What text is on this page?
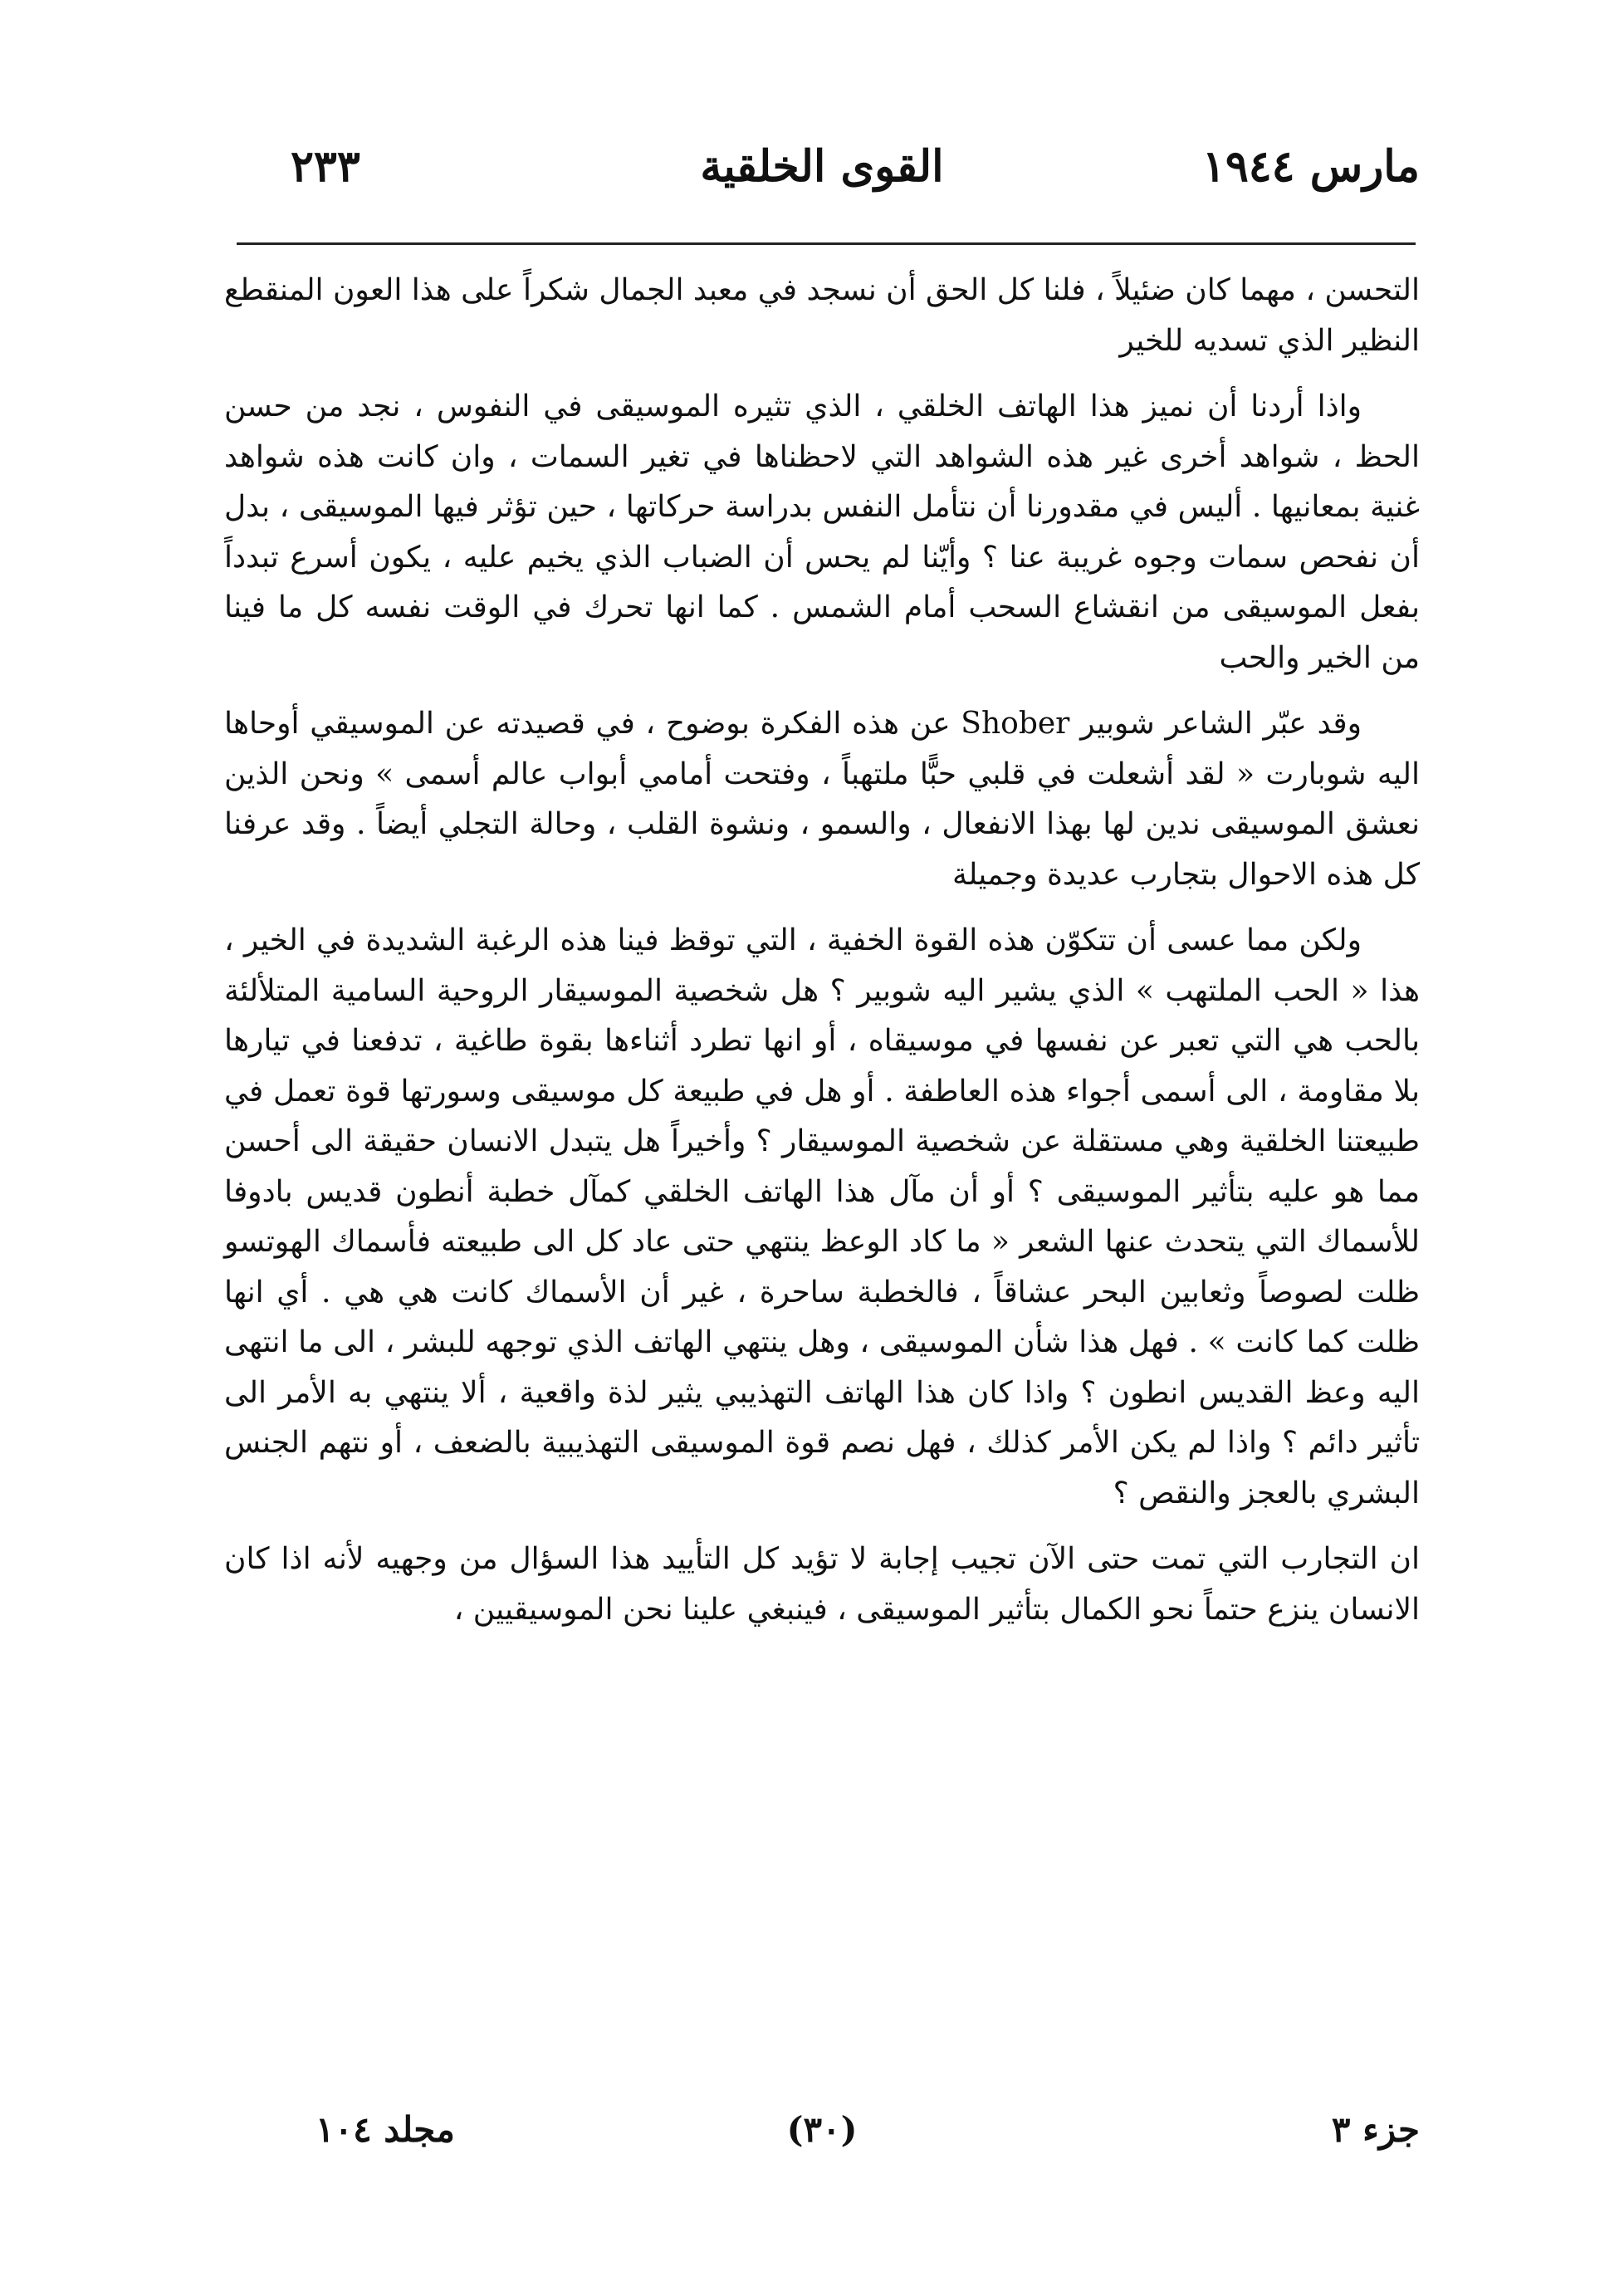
مارس ١٩٤٤
القوى الخلقية
٢٣٣

التحسن ، مهما كان ضئيلاً ، فلنا كل الحق أن نسجد في معبد الجمال شكراً على هذا العون المنقطع النظير الذي تسديه للخير

واذا أردنا أن نميز هذا الهاتف الخلقي ، الذي تثيره الموسيقى في النفوس ، نجد من حسن الحظ ، شواهد أخرى غير هذه الشواهد التي لاحظناها في تغير السمات ، وان كانت هذه شواهد غنية بمعانيها . أليس في مقدورنا أن نتأمل النفس بدراسة حركاتها ، حين تؤثر فيها الموسيقى ، بدل أن نفحص سمات وجوه غريبة عنا ؟ وأيّنا لم يحس أن الضباب الذي يخيم عليه ، يكون أسرع تبدداً بفعل الموسيقى من انقشاع السحب أمام الشمس . كما انها تحرك في الوقت نفسه كل ما فينا من الخير والحب

وقد عبّر الشاعر شوبير Shober عن هذه الفكرة بوضوح ، في قصيدته عن الموسيقي أوحاها اليه شوبارت « لقد أشعلت في قلبي حبًّا ملتهباً ، وفتحت أمامي أبواب عالم أسمى » ونحن الذين نعشق الموسيقى ندين لها بهذا الانفعال ، والسمو ، ونشوة القلب ، وحالة التجلي أيضاً . وقد عرفنا كل هذه الاحوال بتجارب عديدة وجميلة

ولكن مما عسى أن تتكوّن هذه القوة الخفية ، التي توقظ فينا هذه الرغبة الشديدة في الخير ، هذا « الحب الملتهب » الذي يشير اليه شوبير ؟ هل شخصية الموسيقار الروحية السامية المتلألئة بالحب هي التي تعبر عن نفسها في موسيقاه ، أو انها تطرد أثناءها بقوة طاغية ، تدفعنا في تيارها بلا مقاومة ، الى أسمى أجواء هذه العاطفة . أو هل في طبيعة كل موسيقى وسورتها قوة تعمل في طبيعتنا الخلقية وهي مستقلة عن شخصية الموسيقار ؟ وأخيراً هل يتبدل الانسان حقيقة الى أحسن مما هو عليه بتأثير الموسيقى ؟ أو أن مآل هذا الهاتف الخلقي كمآل خطبة أنطون قديس بادوفا للأسماك التي يتحدث عنها الشعر « ما كاد الوعظ ينتهي حتى عاد كل الى طبيعته فأسماك الهوتسو ظلت لصوصاً وثعابين البحر عشاقاً ، فالخطبة ساحرة ، غير أن الأسماك كانت هي هي . أي انها ظلت كما كانت » . فهل هذا شأن الموسيقى ، وهل ينتهي الهاتف الذي توجهه للبشر ، الى ما انتهى اليه وعظ القديس انطون ؟ واذا كان هذا الهاتف التهذيبي يثير لذة واقعية ، ألا ينتهي به الأمر الى تأثير دائم ؟ واذا لم يكن الأمر كذلك ، فهل نصم قوة الموسيقى التهذيبية بالضعف ، أو نتهم الجنس البشري بالعجز والنقص ؟

ان التجارب التي تمت حتى الآن تجيب إجابة لا تؤيد كل التأييد هذا السؤال من وجهيه لأنه اذا كان الانسان ينزع حتماً نحو الكمال بتأثير الموسيقى ، فينبغي علينا نحن الموسيقيين ،

جزء ٣
(٣٠)
مجلد ١٠٤
